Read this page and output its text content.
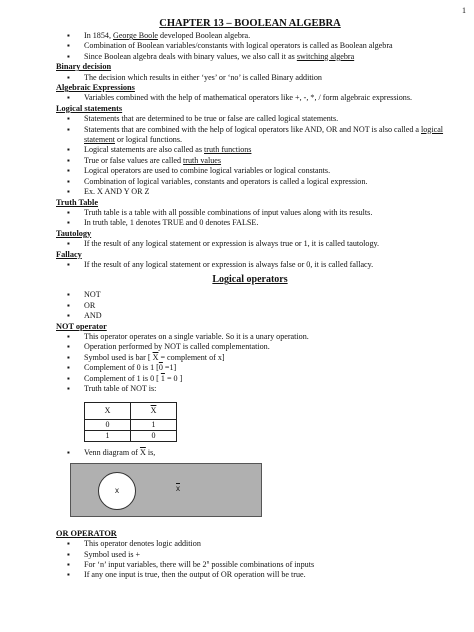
1
CHAPTER 13 – BOOLEAN ALGEBRA
▪ In 1854, George Boole developed Boolean algebra.
▪ Combination of Boolean variables/constants with logical operators is called as Boolean algebra
▪ Since Boolean algebra deals with binary values, we also call it as switching algebra
Binary decision
▪ The decision which results in either ‘yes’ or ‘no’ is called Binary addition
Algebraic Expressions
▪ Variables combined with the help of mathematical operators like +, -, *, / form algebraic expressions.
Logical statements
▪ Statements that are determined to be true or false are called logical statements.
▪ Statements that are combined with the help of logical operators like AND, OR and NOT is also called a logical statement or logical functions.
▪ Logical statements are also called as truth functions
▪ True or false values are called truth values
▪ Logical operators are used to combine logical variables or logical constants.
▪ Combination of logical variables, constants and operators is called a logical expression.
▪ Ex. X AND Y OR Z
Truth Table
▪ Truth table is a table with all possible combinations of input values along with its results.
▪ In truth table, 1 denotes TRUE and 0 denotes FALSE.
Tautology
▪ If the result of any logical statement or expression is always true or 1, it is called tautology.
Fallacy
▪ If the result of any logical statement or expression is always false or 0, it is called fallacy.
Logical operators
▪ NOT
▪ OR
▪ AND
NOT operator
▪ This operator operates on a single variable. So it is a unary operation.
▪ Operation performed by NOT is called complementation.
▪ Symbol used is bar [ $\overline{X}$ = complement of x]
▪ Complement of 0 is 1 [0 =1]
▪ Complement of 1 is 0 [ 1 = 0 ]
▪ Truth table of NOT is:
X	$\overline{X}$
0	1
1	0
▪ Venn diagram of $\overline{X}$ is,
x	$\overline{x}$
OR OPERATOR
▪ This operator denotes logic addition
▪ Symbol used is +
▪ For ‘n’ input variables, there will be 2$^n$ possible combinations of inputs
▪ If any one input is true, then the output of OR operation will be true.
